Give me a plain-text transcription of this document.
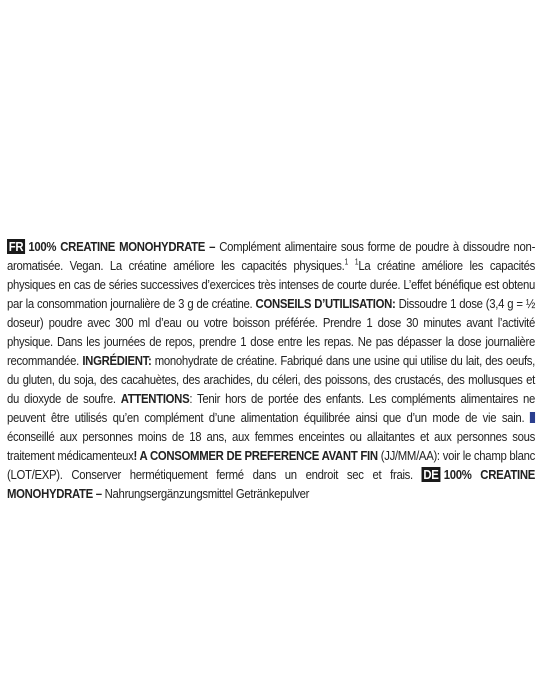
FR 100% CREATINE MONOHYDRATE – Complément alimentaire sous forme de poudre à dissoudre non-aromatisée. Vegan. La créatine améliore les capacités physiques.$^1$ $^1$La créatine améliore les capacités physiques en cas de séries successives d’exercices très intenses de courte durée. L’effet bénéfique est obtenu par la consommation journalière de 3 g de créatine. CONSEILS D’UTILISATION: Dissoudre 1 dose (3,4 g = ½ doseur) poudre avec 300 ml d’eau ou votre boisson préférée. Prendre 1 dose 30 minutes avant l’activité physique. Dans les journées de repos, prendre 1 dose entre les repas. Ne pas dépasser la dose journalière recommandée. INGRÉDIENT: monohydrate de créatine. Fabriqué dans une usine qui utilise du lait, des oeufs, du gluten, du soja, des cacahuètes, des arachides, du céleri, des poissons, des crustacés, des mollusques et du dioxyde de soufre. ATTENTIONS: Tenir hors de portée des enfants. Les compléments alimentaires ne peuvent être utilisés qu’en complément d’une alimentation équilibrée ainsi que d’un mode de vie sain. éconseillé aux personnes moins de 18 ans, aux femmes enceintes ou allaitantes et aux personnes sous traitement médicamenteux! A CONSOMMER DE PREFERENCE AVANT FIN (JJ/MM/AA): voir le champ blanc (LOT/EXP). Conserver hermétiquement fermé dans un endroit sec et frais. DE 100% CREATINE MONOHYDRATE – Nahrungsergänzungsmittel Getränkepulver
